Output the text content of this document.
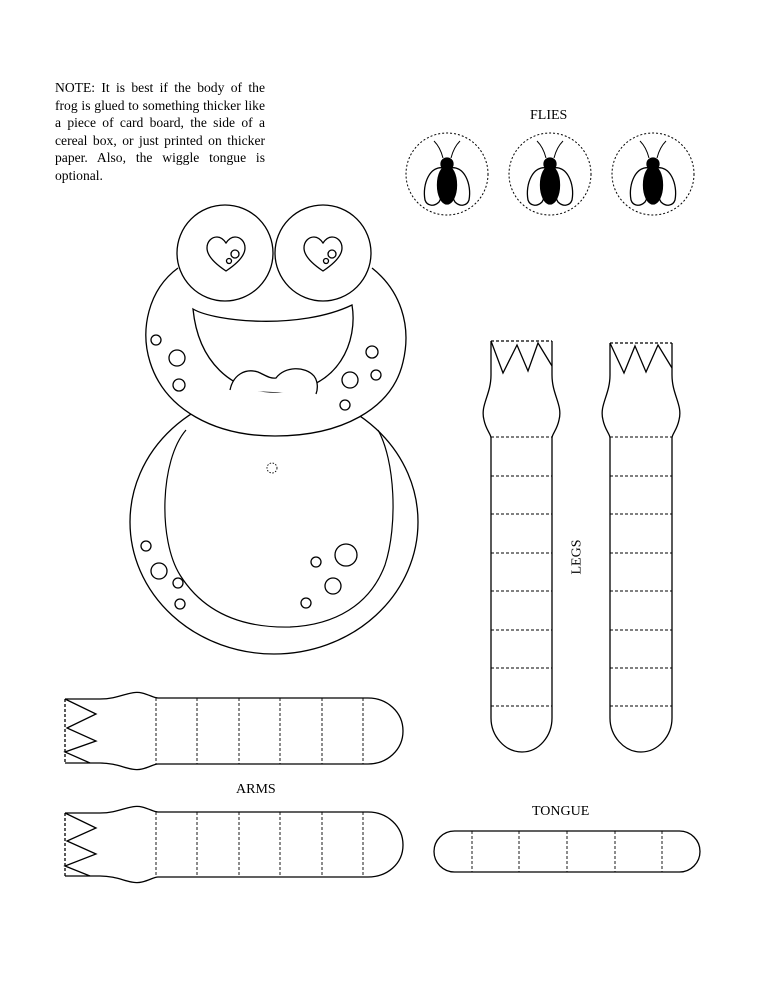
NOTE: It is best if the body of the frog is glued to something thicker like a piece of card board, the side of a cereal box, or just printed on thicker paper. Also, the wiggle tongue is optional.

FLIES
LEGS
ARMS
TONGUE
